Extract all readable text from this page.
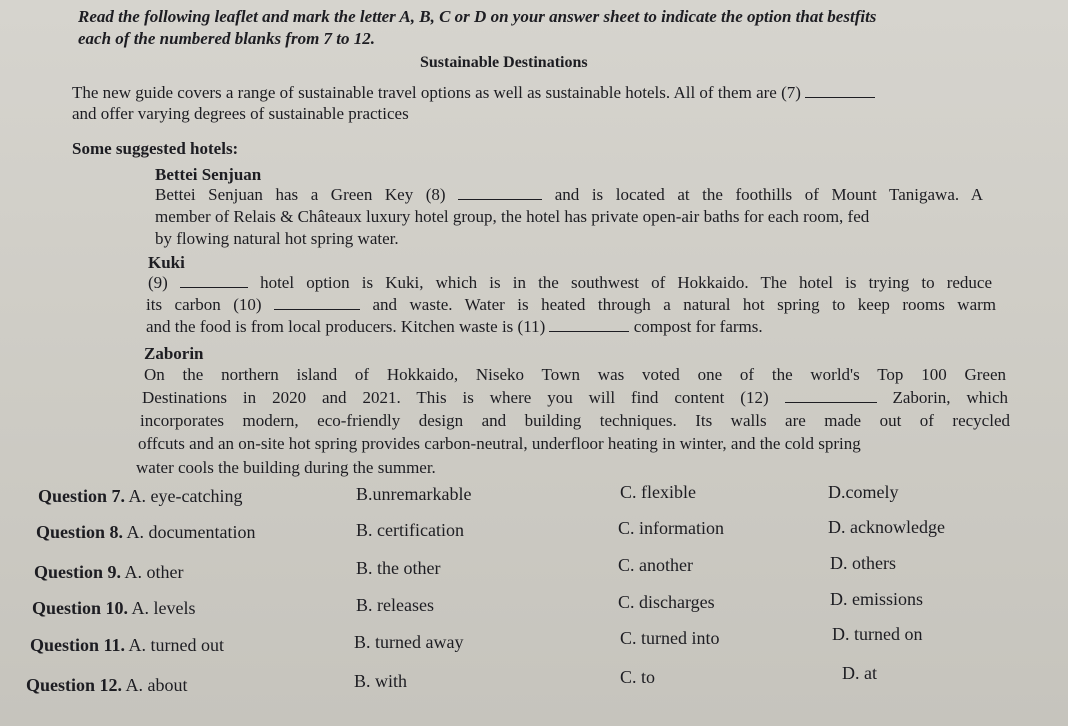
Read the following leaflet and mark the letter A, B, C or D on your answer sheet to indicate the option that bestfits
each of the numbered blanks from 7 to 12.
Sustainable Destinations
The new guide covers a range of sustainable travel options as well as sustainable hotels. All of them are (7)
and offer varying degrees of sustainable practices
Some suggested hotels:
Bettei Senjuan
Bettei Senjuan has a Green Key (8)	and is located at the foothills of Mount Tanigawa. A
member of Relais & Châteaux luxury hotel group, the hotel has private open-air baths for each room, fed
by flowing natural hot spring water.
Kuki
(9)	hotel option is Kuki, which is in the southwest of Hokkaido. The hotel is trying to reduce
its carbon (10)	and waste. Water is heated through a natural hot spring to keep rooms warm
and the food is from local producers. Kitchen waste is (11)	compost for farms.
Zaborin
On the northern island of Hokkaido, Niseko Town was voted one of the world's Top 100 Green
Destinations in 2020 and 2021. This is where you will find content (12)	Zaborin, which
incorporates modern, eco-friendly design and building techniques. Its walls are made out of recycled
offcuts and an on-site hot spring provides carbon-neutral, underfloor heating in winter, and the cold spring
water cools the building during the summer.
Question 7. A. eye-catching	B.unremarkable	C. flexible	D.comely
Question 8. A. documentation	B. certification	C. information	D. acknowledge
Question 9. A. other	B. the other	C. another	D. others
Question 10. A. levels	B. releases	C. discharges	D. emissions
Question 11. A. turned out	B. turned away	C. turned into	D. turned on
Question 12. A. about	B. with	C. to	D. at
